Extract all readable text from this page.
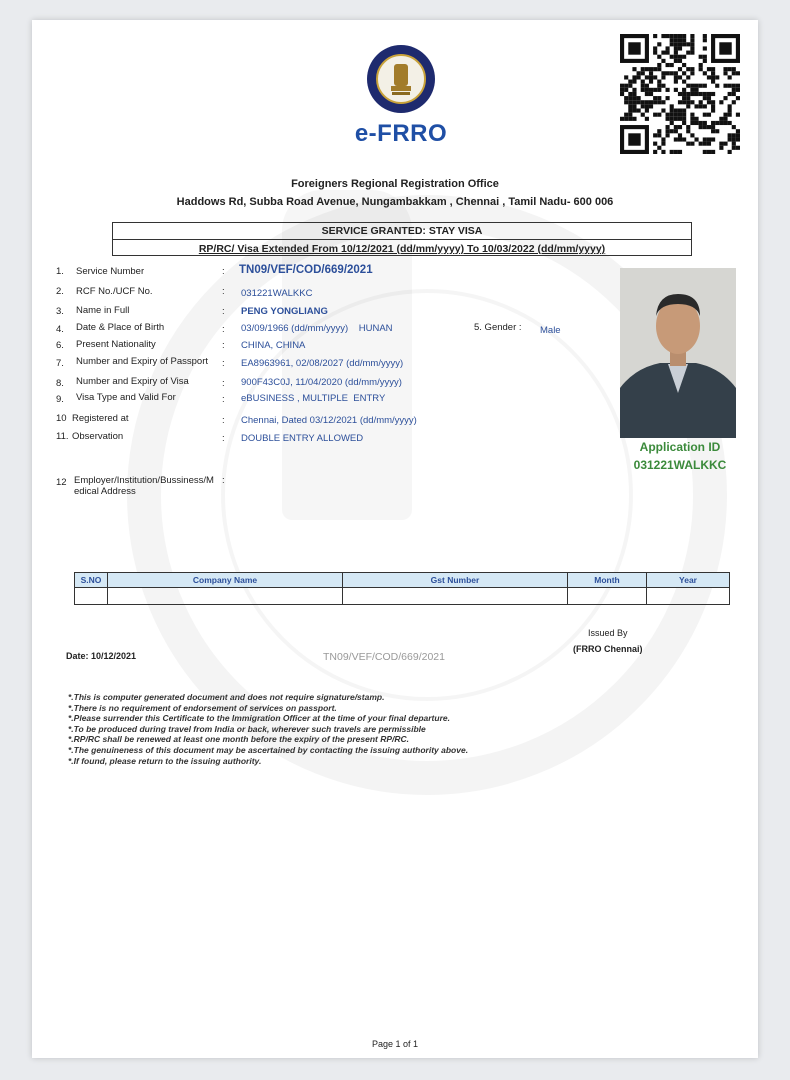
e-FRRO
Foreigners Regional Registration Office
Haddows Rd, Subba Road Avenue, Nungambakkam , Chennai , Tamil Nadu- 600 006
SERVICE GRANTED: STAY VISA
RP/RC/ Visa Extended From 10/12/2021 (dd/mm/yyyy) To 10/03/2022 (dd/mm/yyyy)
1. Service Number	: TN09/VEF/COD/669/2021
2. RCF No./UCF No.	: 031221WALKKC
3. Name in Full	: PENG YONGLIANG
4. Date & Place of Birth	: 03/09/1966 (dd/mm/yyyy)    HUNAN	5. Gender : Male
6. Present Nationality	: CHINA, CHINA
7. Number and Expiry of Passport : EA8963961, 02/08/2027 (dd/mm/yyyy)
8. Number and Expiry of Visa	: 900F43C0J, 11/04/2020 (dd/mm/yyyy)
9. Visa Type and Valid For	: eBUSINESS , MULTIPLE  ENTRY
10 Registered at	: Chennai, Dated 03/12/2021 (dd/mm/yyyy)
11. Observation	: DOUBLE ENTRY ALLOWED
12 Employer/Institution/Bussiness/M
edical Address
:
Application ID
031221WALKKC
S.NO	Company Name	Gst Number	Month	Year

Issued By
(FRRO Chennai)
Date: 10/12/2021	TN09/VEF/COD/669/2021
*.This is computer generated document and does not require signature/stamp.
*.There is no requirement of endorsement of services on passport.
*.Please surrender this Certificate to the Immigration Officer at the time of your final departure.
*.To be produced during travel from India or back, wherever such travels are permissible
*.RP/RC shall be renewed at least one month before the expiry of the present RP/RC.
*.The genuineness of this document may be ascertained by contacting the issuing authority above.
*.If found, please return to the issuing authority.
Page 1 of 1
